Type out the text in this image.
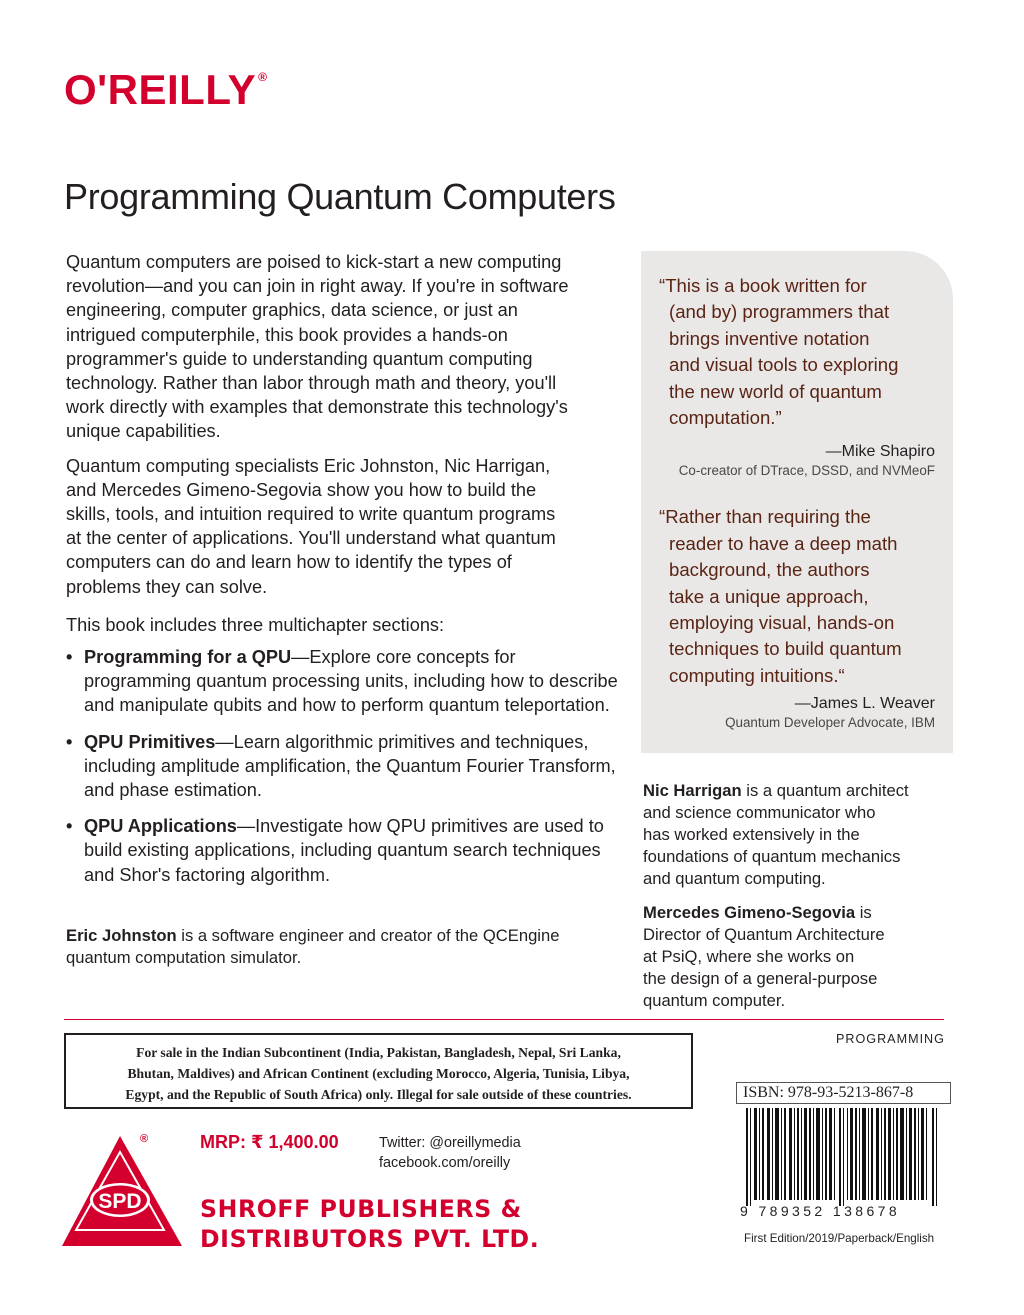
O'REILLY ®
Programming Quantum Computers

Quantum computers are poised to kick-start a new computing
revolution—and you can join in right away. If you're in software
engineering, computer graphics, data science, or just an
intrigued computerphile, this book provides a hands-on
programmer's guide to understanding quantum computing
technology. Rather than labor through math and theory, you'll
work directly with examples that demonstrate this technology's
unique capabilities.

Quantum computing specialists Eric Johnston, Nic Harrigan,
and Mercedes Gimeno-Segovia show you how to build the
skills, tools, and intuition required to write quantum programs
at the center of applications. You'll understand what quantum
computers can do and learn how to identify the types of
problems they can solve.

This book includes three multichapter sections:

• Programming for a QPU—Explore core concepts for programming quantum processing units, including how to describe and manipulate qubits and how to perform quantum teleportation.
• QPU Primitives—Learn algorithmic primitives and techniques, including amplitude amplification, the Quantum Fourier Transform, and phase estimation.
• QPU Applications—Investigate how QPU primitives are used to build existing applications, including quantum search techniques and Shor's factoring algorithm.
Eric Johnston is a software engineer and creator of the QCEngine quantum computation simulator.
“This is a book written for
(and by) programmers that
brings inventive notation
and visual tools to exploring
the new world of quantum
computation.”
—Mike Shapiro
Co-creator of DTrace, DSSD, and NVMeoF
“Rather than requiring the
reader to have a deep math
background, the authors
take a unique approach,
employing visual, hands-on
techniques to build quantum
computing intuitions.“
—James L. Weaver
Quantum Developer Advocate, IBM

Nic Harrigan is a quantum architect
and science communicator who
has worked extensively in the
foundations of quantum mechanics
and quantum computing.

Mercedes Gimeno-Segovia is
Director of Quantum Architecture
at PsiQ, where she works on
the design of a general-purpose
quantum computer.

PROGRAMMING
For sale in the Indian Subcontinent (India, Pakistan, Bangladesh, Nepal, Sri Lanka,
Bhutan, Maldives) and African Continent (excluding Morocco, Algeria, Tunisia, Libya,
Egypt, and the Republic of South Africa) only. Illegal for sale outside of these countries.	ISBN: 978-93-5213-867-8
9 789352 138678
First Edition/2019/Paperback/English
SPD
®	MRP: ₹ 1,400.00	Twitter: @oreillymedia
facebook.com/oreilly
SHROFF PUBLISHERS &
DISTRIBUTORS PVT. LTD.
